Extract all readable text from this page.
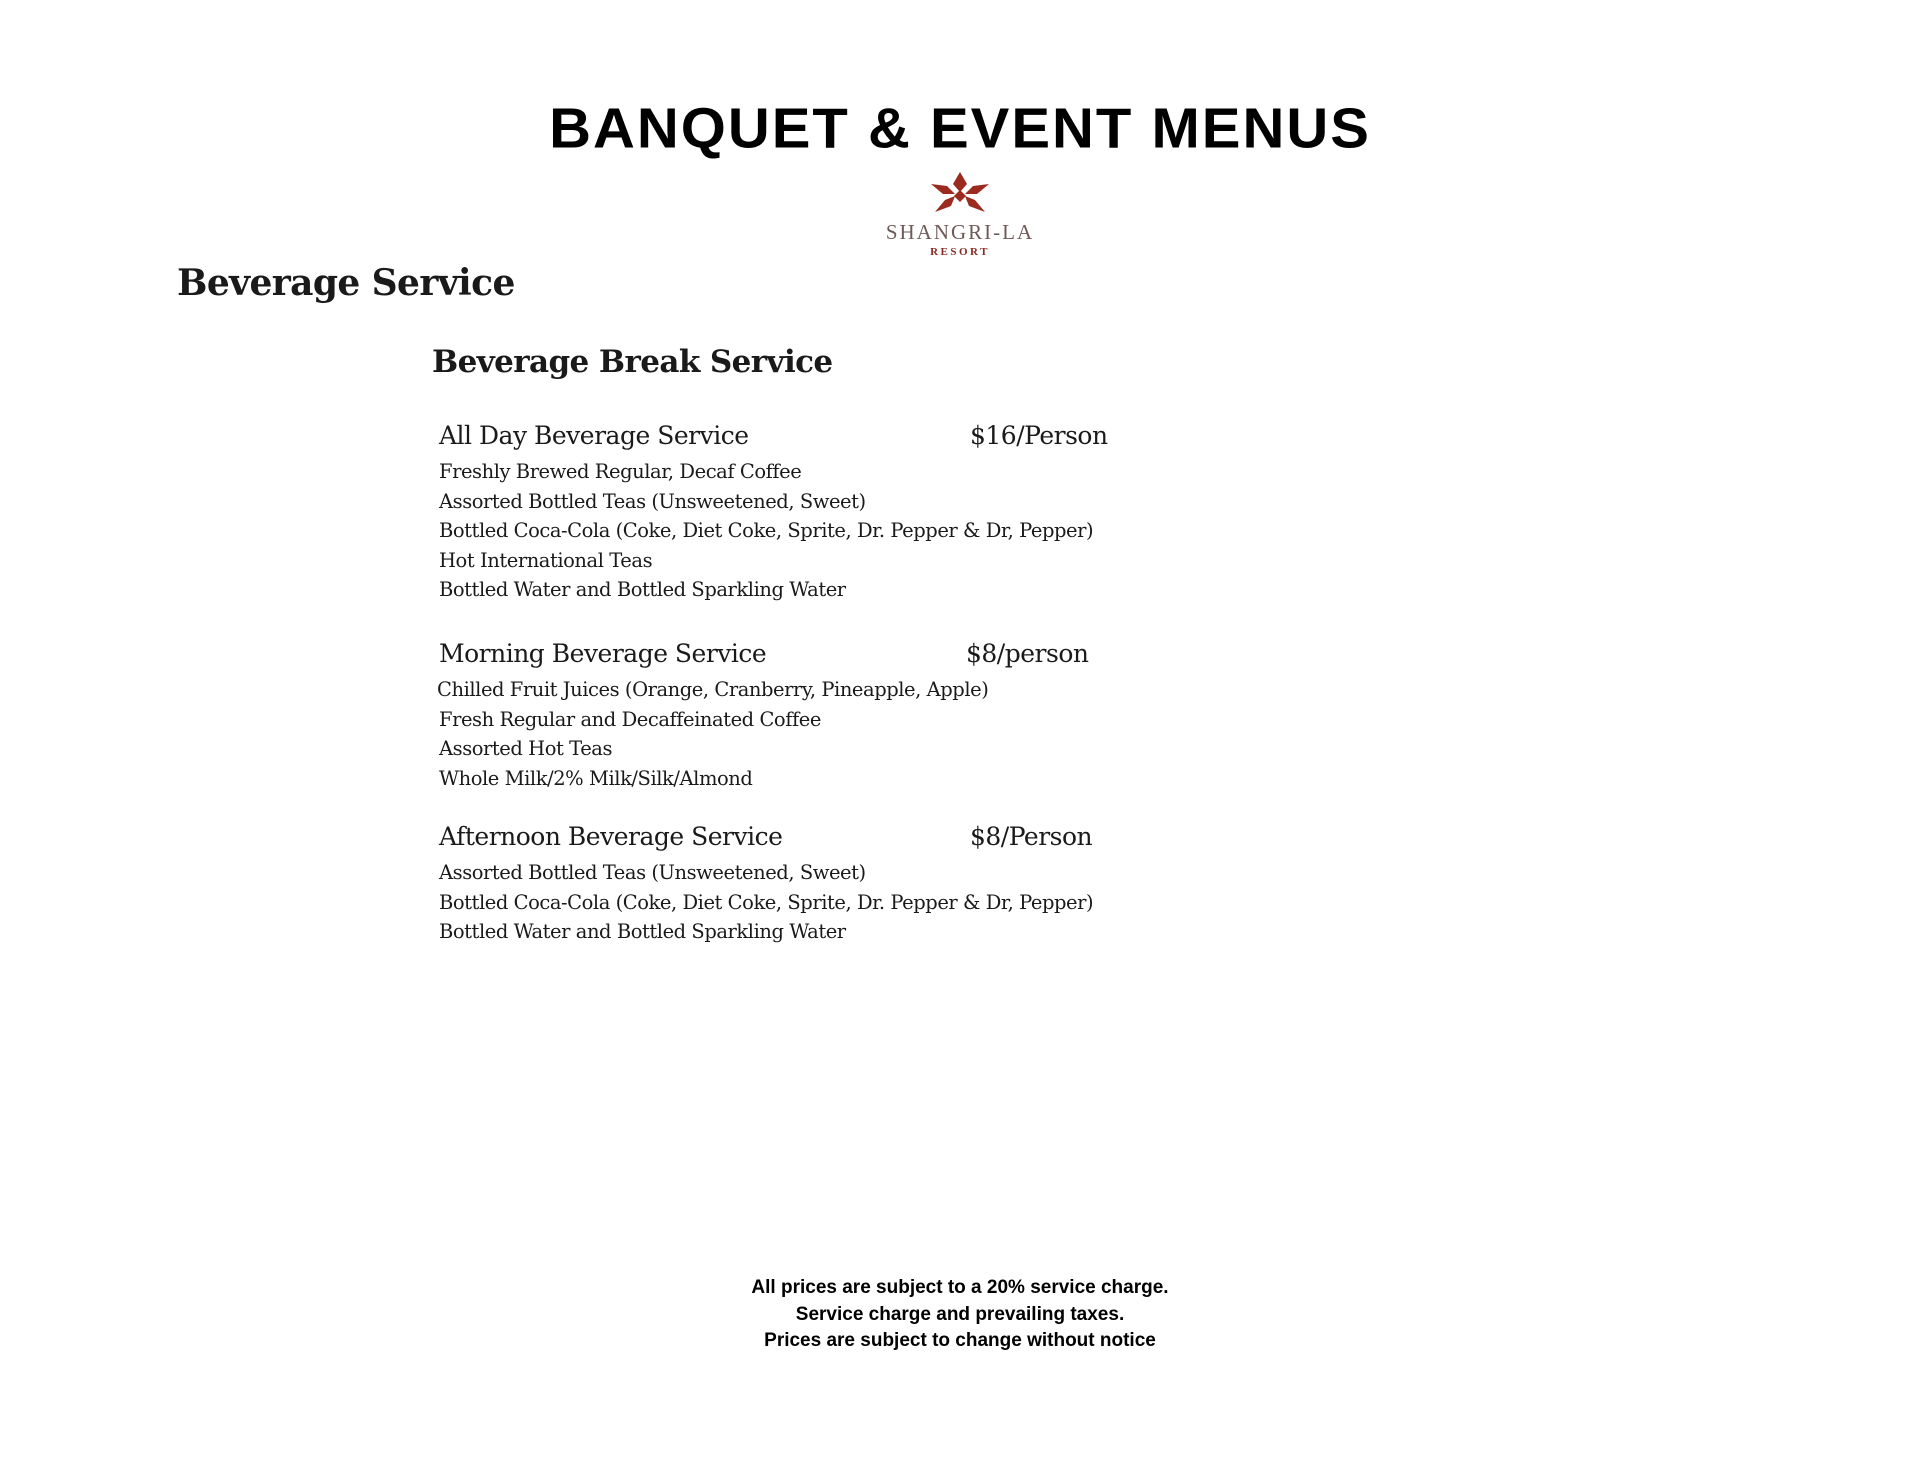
BANQUET & EVENT MENUS
SHANGRI-LA
RESORT
Beverage Service
Beverage Break Service
All Day Beverage Service	$16/Person
Freshly Brewed Regular, Decaf Coffee
Assorted Bottled Teas (Unsweetened, Sweet)
Bottled Coca-Cola (Coke, Diet Coke, Sprite, Dr. Pepper & Dr, Pepper)
Hot International Teas
Bottled Water and Bottled Sparkling Water
Morning Beverage Service	$8/person
Chilled Fruit Juices (Orange, Cranberry, Pineapple, Apple)
Fresh Regular and Decaffeinated Coffee
Assorted Hot Teas
Whole Milk/2% Milk/Silk/Almond
Afternoon Beverage Service	$8/Person
Assorted Bottled Teas (Unsweetened, Sweet)
Bottled Coca-Cola (Coke, Diet Coke, Sprite, Dr. Pepper & Dr, Pepper)
Bottled Water and Bottled Sparkling Water
All prices are subject to a 20% service charge.
Service charge and prevailing taxes.
Prices are subject to change without notice
